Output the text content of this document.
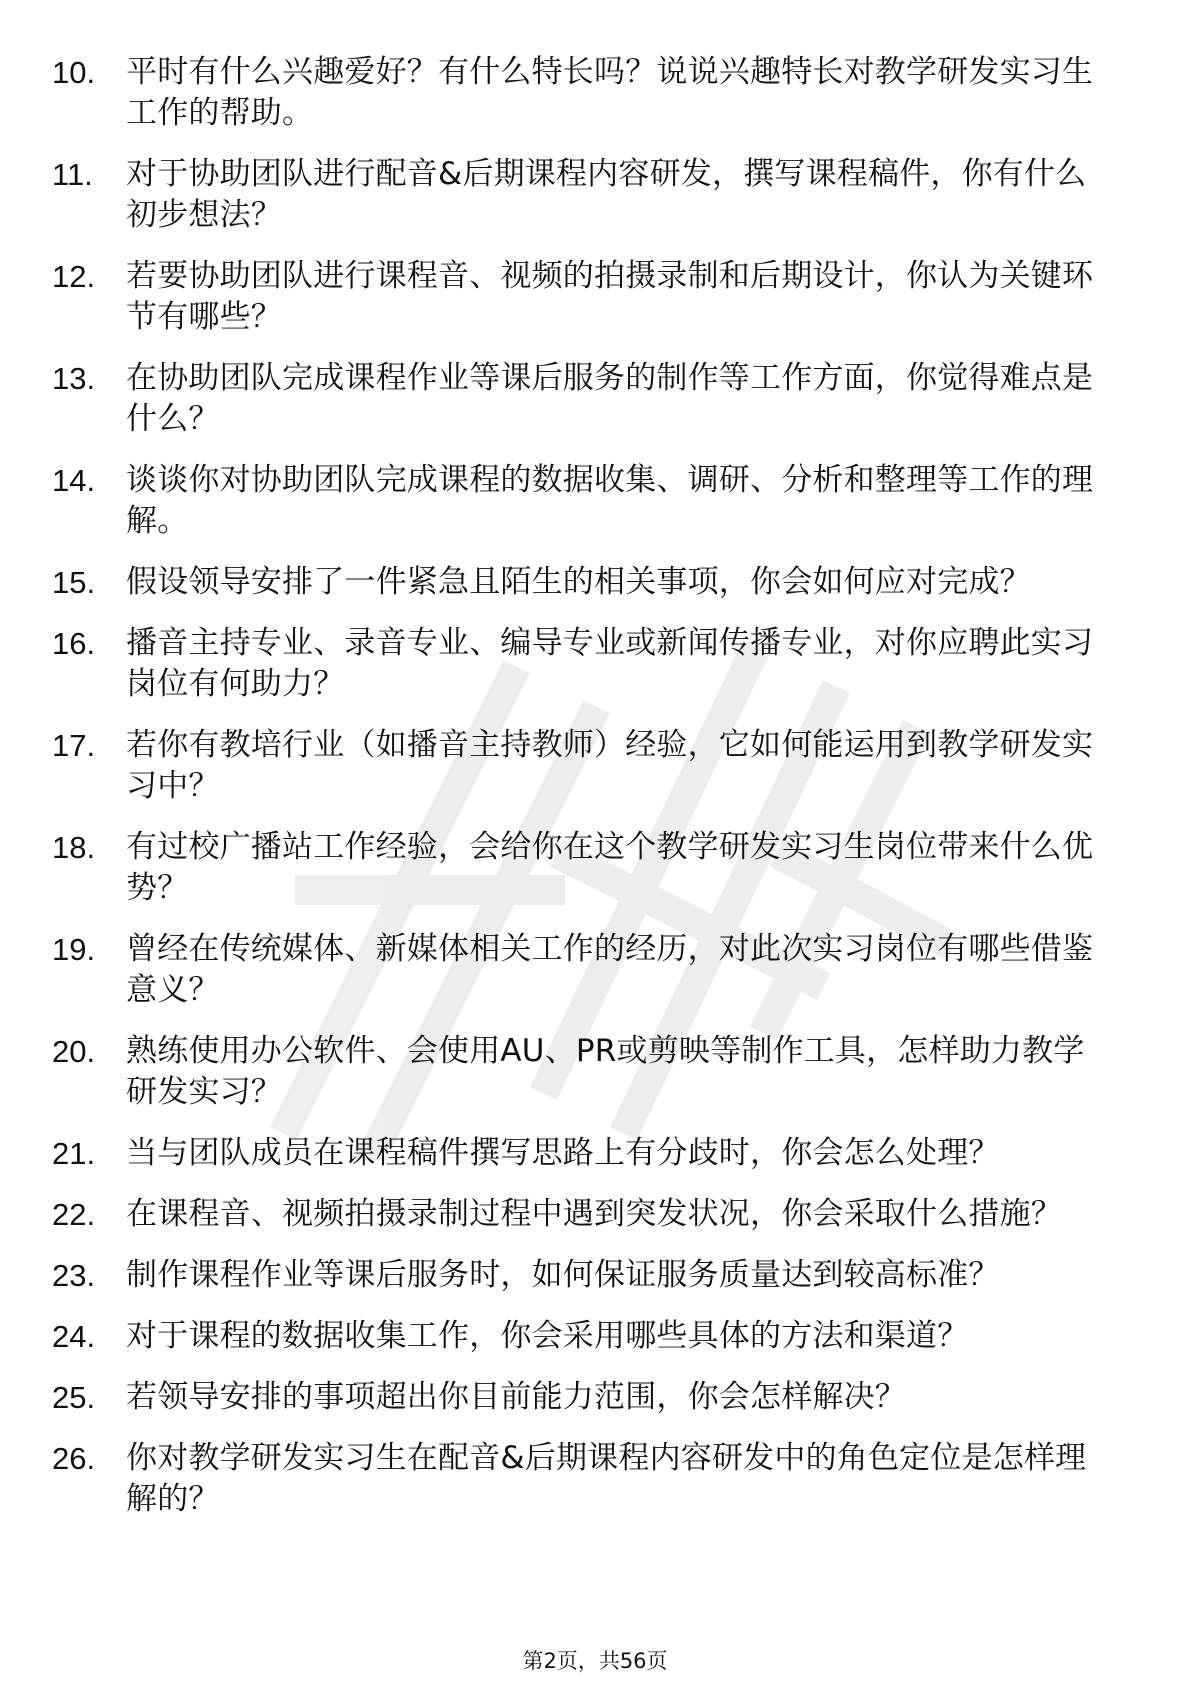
10. 平时有什么兴趣爱好？有什么特长吗？说说兴趣特长对教学研发实习生工作的帮助。
11.	对于协助团队进行配音&后期课程内容研发，撰写课程稿件，你有什么初步想法？
12. 若要协助团队进行课程音、视频的拍摄录制和后期设计，你认为关键环节有哪些？
13. 在协助团队完成课程作业等课后服务的制作等工作方面，你觉得难点是什么？
14. 谈谈你对协助团队完成课程的数据收集、调研、分析和整理等工作的理解。
15. 假设领导安排了一件紧急且陌生的相关事项，你会如何应对完成？
16. 播音主持专业、录音专业、编导专业或新闻传播专业，对你应聘此实习岗位有何助力？
17. 若你有教培行业（如播音主持教师）经验，它如何能运用到教学研发实习中？
18. 有过校广播站工作经验，会给你在这个教学研发实习生岗位带来什么优势？
19. 曾经在传统媒体、新媒体相关工作的经历，对此次实习岗位有哪些借鉴意义？
20. 熟练使用办公软件、会使用AU、PR或剪映等制作工具，怎样助力教学研发实习？
21. 当与团队成员在课程稿件撰写思路上有分歧时，你会怎么处理？
22. 在课程音、视频拍摄录制过程中遇到突发状况，你会采取什么措施？
23. 制作课程作业等课后服务时，如何保证服务质量达到较高标准？
24. 对于课程的数据收集工作，你会采用哪些具体的方法和渠道？
25. 若领导安排的事项超出你目前能力范围，你会怎样解决？
26. 你对教学研发实习生在配音&后期课程内容研发中的角色定位是怎样理解的？
第2页，共56页
